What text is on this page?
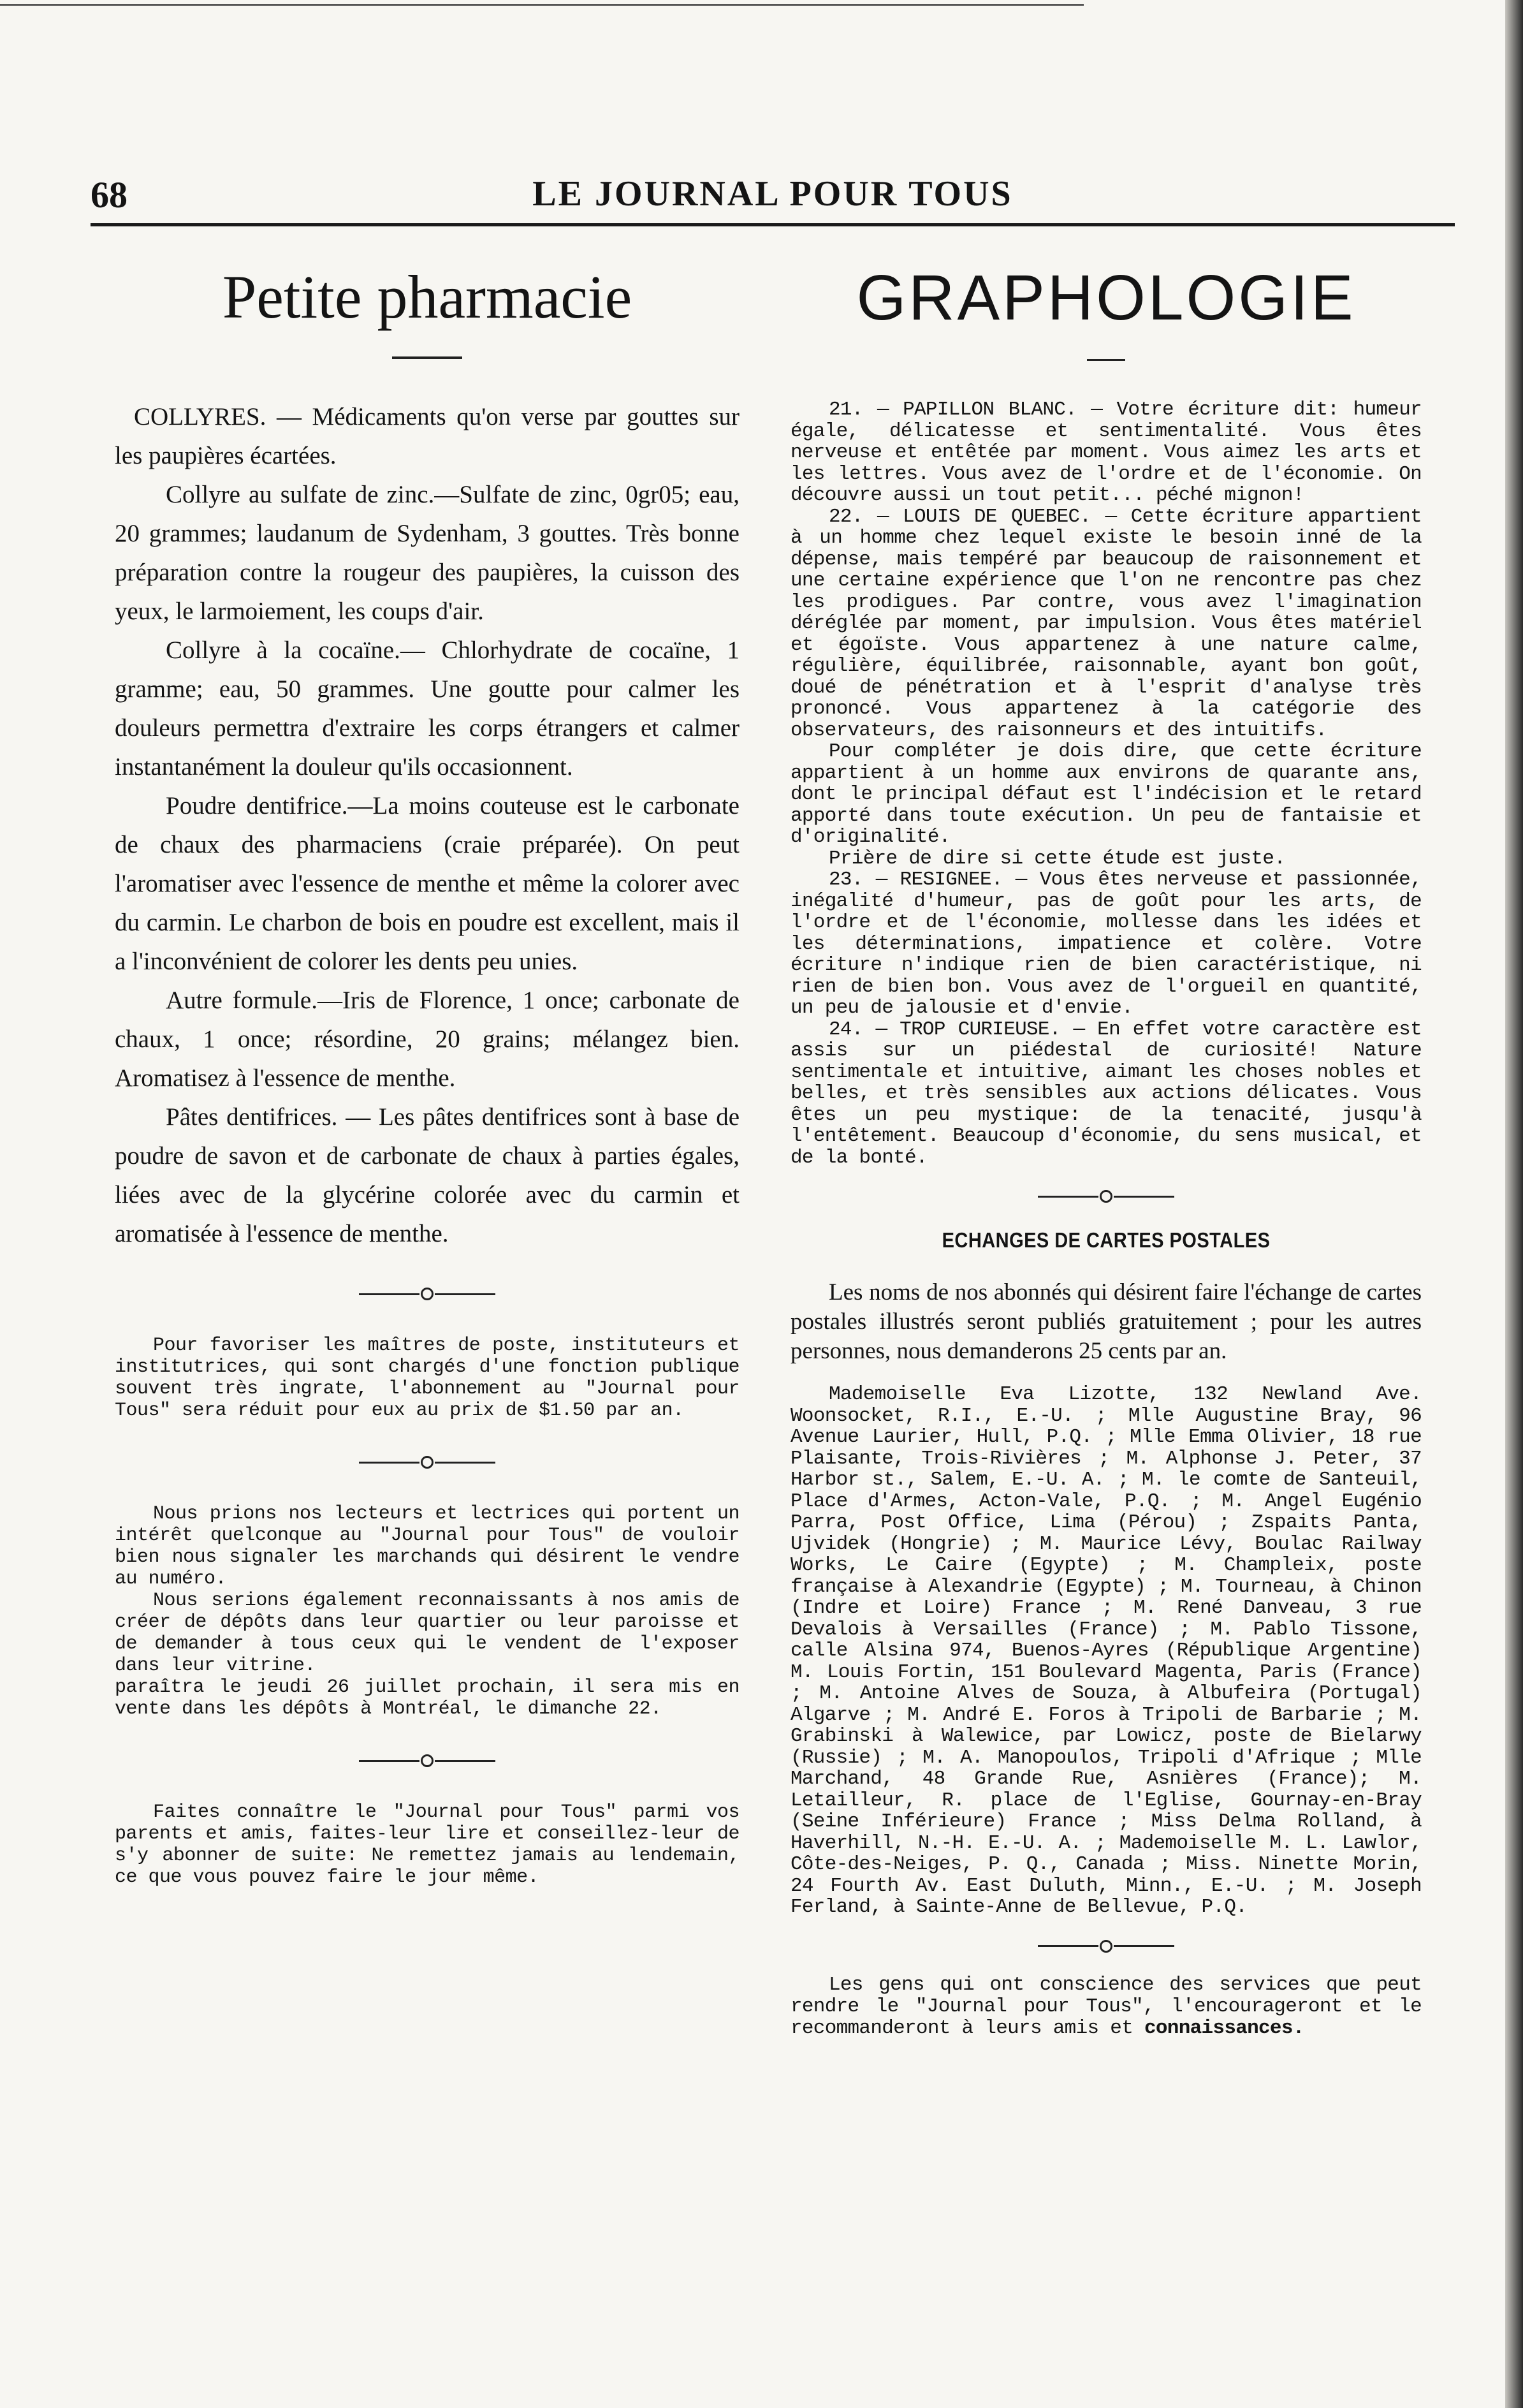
68	LE JOURNAL POUR TOUS
Petite pharmacie

COLLYRES. — Médicaments qu'on verse par gouttes sur les paupières écartées.

Collyre au sulfate de zinc.—Sulfate de zinc, 0gr05; eau, 20 grammes; laudanum de Sydenham, 3 gouttes. Très bonne préparation contre la rougeur des paupières, la cuisson des yeux, le larmoiement, les coups d'air.

Collyre à la cocaïne.— Chlorhydrate de cocaïne, 1 gramme; eau, 50 grammes. Une goutte pour calmer les douleurs permettra d'extraire les corps étrangers et calmer instantanément la douleur qu'ils occasionnent.

Poudre dentifrice.—La moins couteuse est le carbonate de chaux des pharmaciens (craie préparée). On peut l'aromatiser avec l'essence de menthe et même la colorer avec du carmin. Le charbon de bois en poudre est excellent, mais il a l'inconvénient de colorer les dents peu unies.

Autre formule.—Iris de Florence, 1 once; carbonate de chaux, 1 once; résordine, 20 grains; mélangez bien. Aromatisez à l'essence de menthe.

Pâtes dentifrices. — Les pâtes dentifrices sont à base de poudre de savon et de carbonate de chaux à parties égales, liées avec de la glycérine colorée avec du carmin et aromatisée à l'essence de menthe.

Pour favoriser les maîtres de poste, instituteurs et institutrices, qui sont chargés d'une fonction publique souvent très ingrate, l'abonnement au "Journal pour Tous" sera réduit pour eux au prix de $1.50 par an.

Nous prions nos lecteurs et lectrices qui portent un intérêt quelconque au "Journal pour Tous" de vouloir bien nous signaler les marchands qui désirent le vendre au numéro.

Nous serions également reconnaissants à nos amis de créer de dépôts dans leur quartier ou leur paroisse et de demander à tous ceux qui le vendent de l'exposer dans leur vitrine.

paraîtra le jeudi 26 juillet prochain, il sera mis en vente dans les dépôts à Montréal, le dimanche 22.

Faites connaître le "Journal pour Tous" parmi vos parents et amis, faites-leur lire et conseillez-leur de s'y abonner de suite: Ne remettez jamais au lendemain, ce que vous pouvez faire le jour même.

GRAPHOLOGIE

21. — PAPILLON BLANC. — Votre écriture dit: humeur égale, délicatesse et sentimentalité. Vous êtes nerveuse et entêtée par moment. Vous aimez les arts et les lettres. Vous avez de l'ordre et de l'économie. On découvre aussi un tout petit... péché mignon!

22. — LOUIS DE QUEBEC. — Cette écriture appartient à un homme chez lequel existe le besoin inné de la dépense, mais tempéré par beaucoup de raisonnement et une certaine expérience que l'on ne rencontre pas chez les prodigues. Par contre, vous avez l'imagination déréglée par moment, par impulsion. Vous êtes matériel et égoïste. Vous appartenez à une nature calme, régulière, équilibrée, raisonnable, ayant bon goût, doué de pénétration et à l'esprit d'analyse très prononcé. Vous appartenez à la catégorie des observateurs, des raisonneurs et des intuitifs.

Pour compléter je dois dire, que cette écriture appartient à un homme aux environs de quarante ans, dont le principal défaut est l'indécision et le retard apporté dans toute exécution. Un peu de fantaisie et d'originalité.

Prière de dire si cette étude est juste.

23. — RESIGNEE. — Vous êtes nerveuse et passionnée, inégalité d'humeur, pas de goût pour les arts, de l'ordre et de l'économie, mollesse dans les idées et les déterminations, impatience et colère. Votre écriture n'indique rien de bien caractéristique, ni rien de bien bon. Vous avez de l'orgueil en quantité, un peu de jalousie et d'envie.

24. — TROP CURIEUSE. — En effet votre caractère est assis sur un piédestal de curiosité! Nature sentimentale et intuitive, aimant les choses nobles et belles, et très sensibles aux actions délicates. Vous êtes un peu mystique: de la tenacité, jusqu'à l'entêtement. Beaucoup d'économie, du sens musical, et de la bonté.

ECHANGES DE CARTES POSTALES

Les noms de nos abonnés qui désirent faire l'échange de cartes postales illustrés seront publiés gratuitement ; pour les autres personnes, nous demanderons 25 cents par an.

Mademoiselle Eva Lizotte, 132 Newland Ave. Woonsocket, R.I., E.-U. ; Mlle Augustine Bray, 96 Avenue Laurier, Hull, P.Q. ; Mlle Emma Olivier, 18 rue Plaisante, Trois-Rivières ; M. Alphonse J. Peter, 37 Harbor st., Salem, E.-U. A. ; M. le comte de Santeuil, Place d'Armes, Acton-Vale, P.Q. ; M. Angel Eugénio Parra, Post Office, Lima (Pérou) ; Zspaits Panta, Ujvidek (Hongrie) ; M. Maurice Lévy, Boulac Railway Works, Le Caire (Egypte) ; M. Champleix, poste française à Alexandrie (Egypte) ; M. Tourneau, à Chinon (Indre et Loire) France ; M. René Danveau, 3 rue Devalois à Versailles (France) ; M. Pablo Tissone, calle Alsina 974, Buenos-Ayres (République Argentine) M. Louis Fortin, 151 Boulevard Magenta, Paris (France) ; M. Antoine Alves de Souza, à Albufeira (Portugal) Algarve ; M. André E. Foros à Tripoli de Barbarie ; M. Grabinski à Walewice, par Lowicz, poste de Bielarwy (Russie) ; M. A. Manopoulos, Tripoli d'Afrique ; Mlle Marchand, 48 Grande Rue, Asnières (France); M. Letailleur, R. place de l'Eglise, Gournay-en-Bray (Seine Inférieure) France ; Miss Delma Rolland, à Haverhill, N.-H. E.-U. A. ; Mademoiselle M. L. Lawlor, Côte-des-Neiges, P. Q., Canada ; Miss. Ninette Morin, 24 Fourth Av. East Duluth, Minn., E.-U. ; M. Joseph Ferland, à Sainte-Anne de Bellevue, P.Q.

Les gens qui ont conscience des services que peut rendre le "Journal pour Tous", l'encourageront et le recommanderont à leurs amis et connaissances.
